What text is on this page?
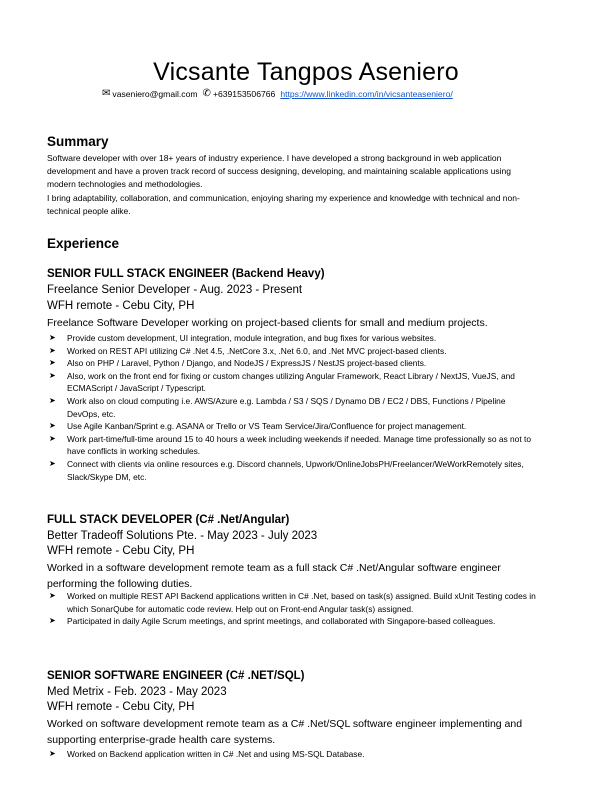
Vicsante Tangpos Aseniero
✉ vaseniero@gmail.com ✆ +639153506766 https://www.linkedin.com/in/vicsanteaseniero/
Summary
Software developer with over 18+ years of industry experience. I have developed a strong background in web application development and have a proven track record of success designing, developing, and maintaining scalable applications using modern technologies and methodologies.
I bring adaptability, collaboration, and communication, enjoying sharing my experience and knowledge with technical and non-technical people alike.
Experience
SENIOR FULL STACK ENGINEER (Backend Heavy)
Freelance Senior Developer - Aug. 2023 - Present
WFH remote - Cebu City, PH
Freelance Software Developer working on project-based clients for small and medium projects.
➤ Provide custom development, UI integration, module integration, and bug fixes for various websites.
➤ Worked on REST API utilizing C# .Net 4.5, .NetCore 3.x, .Net 6.0, and .Net MVC project-based clients.
➤ Also on PHP / Laravel, Python / Django, and NodeJS / ExpressJS / NestJS project-based clients.
➤ Also, work on the front end for fixing or custom changes utilizing Angular Framework, React Library / NextJS, VueJS, and ECMAScript / JavaScript / Typescript.
➤ Work also on cloud computing i.e. AWS/Azure e.g. Lambda / S3 / SQS / Dynamo DB / EC2 / DBS, Functions / Pipeline DevOps, etc.
➤ Use Agile Kanban/Sprint e.g. ASANA or Trello or VS Team Service/Jira/Confluence for project management.
➤ Work part-time/full-time around 15 to 40 hours a week including weekends if needed. Manage time professionally so as not to have conflicts in working schedules.
➤ Connect with clients via online resources e.g. Discord channels, Upwork/OnlineJobsPH/Freelancer/WeWorkRemotely sites, Slack/Skype DM, etc.
FULL STACK DEVELOPER (C# .Net/Angular)
Better Tradeoff Solutions Pte. - May 2023 - July 2023
WFH remote - Cebu City, PH
Worked in a software development remote team as a full stack C# .Net/Angular software engineer performing the following duties.
➤ Worked on multiple REST API Backend applications written in C# .Net, based on task(s) assigned. Build xUnit Testing codes in which SonarQube for automatic code review. Help out on Front-end Angular task(s) assigned.
➤ Participated in daily Agile Scrum meetings, and sprint meetings, and collaborated with Singapore-based colleagues.
SENIOR SOFTWARE ENGINEER (C# .NET/SQL)
Med Metrix - Feb. 2023 - May 2023
WFH remote - Cebu City, PH
Worked on software development remote team as a C# .Net/SQL software engineer implementing and supporting enterprise-grade health care systems.
➤ Worked on Backend application written in C# .Net and using MS-SQL Database.
